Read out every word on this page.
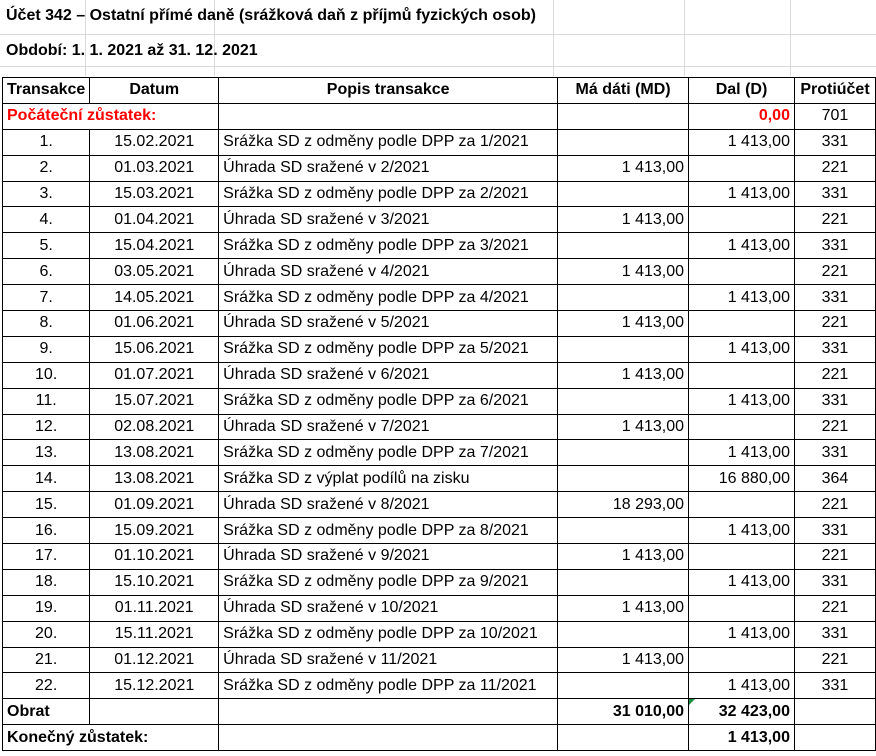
Účet 342 – Ostatní přímé daně (srážková daň z příjmů fyzických osob)
Období: 1. 1. 2021 až 31. 12. 2021
Transakce	Datum	Popis transakce	Má dáti (MD)	Dal (D)	Protiúčet
Počáteční zůstatek:				0,00	701
1.	15.02.2021	Srážka SD z odměny podle DPP za 1/2021		1 413,00	331
2.	01.03.2021	Úhrada SD sražené v 2/2021	1 413,00		221
3.	15.03.2021	Srážka SD z odměny podle DPP za 2/2021		1 413,00	331
4.	01.04.2021	Úhrada SD sražené v 3/2021	1 413,00		221
5.	15.04.2021	Srážka SD z odměny podle DPP za 3/2021		1 413,00	331
6.	03.05.2021	Úhrada SD sražené v 4/2021	1 413,00		221
7.	14.05.2021	Srážka SD z odměny podle DPP za 4/2021		1 413,00	331
8.	01.06.2021	Úhrada SD sražené v 5/2021	1 413,00		221
9.	15.06.2021	Srážka SD z odměny podle DPP za 5/2021		1 413,00	331
10.	01.07.2021	Úhrada SD sražené v 6/2021	1 413,00		221
11.	15.07.2021	Srážka SD z odměny podle DPP za 6/2021		1 413,00	331
12.	02.08.2021	Úhrada SD sražené v 7/2021	1 413,00		221
13.	13.08.2021	Srážka SD z odměny podle DPP za 7/2021		1 413,00	331
14.	13.08.2021	Srážka SD z výplat podílů na zisku		16 880,00	364
15.	01.09.2021	Úhrada SD sražené v 8/2021	18 293,00		221
16.	15.09.2021	Srážka SD z odměny podle DPP za 8/2021		1 413,00	331
17.	01.10.2021	Úhrada SD sražené v 9/2021	1 413,00		221
18.	15.10.2021	Srážka SD z odměny podle DPP za 9/2021		1 413,00	331
19.	01.11.2021	Úhrada SD sražené v 10/2021	1 413,00		221
20.	15.11.2021	Srážka SD z odměny podle DPP za 10/2021		1 413,00	331
21.	01.12.2021	Úhrada SD sražené v 11/2021	1 413,00		221
22.	15.12.2021	Srážka SD z odměny podle DPP za 11/2021		1 413,00	331
Obrat			31 010,00	32 423,00	
Konečný zůstatek:				1 413,00	
